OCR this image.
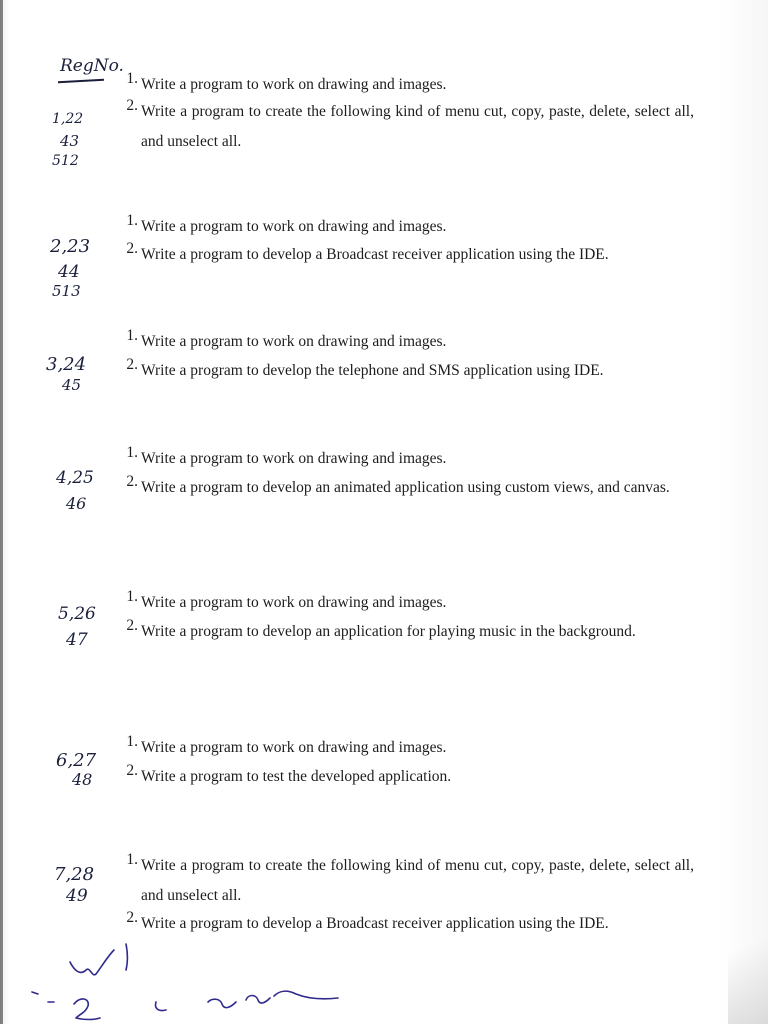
RegNo.
1,22
43
512
1. Write a program to work on drawing and images.
2. Write a program to create the following kind of menu cut, copy, paste, delete, select all, and unselect all.
2,23
44
513
1. Write a program to work on drawing and images.
2. Write a program to develop a Broadcast receiver application using the IDE.
3,24
45
1. Write a program to work on drawing and images.
2. Write a program to develop the telephone and SMS application using IDE.
4,25
46
1. Write a program to work on drawing and images.
2. Write a program to develop an animated application using custom views, and canvas.
5,26
47
1. Write a program to work on drawing and images.
2. Write a program to develop an application for playing music in the background.
6,27
48
1. Write a program to work on drawing and images.
2. Write a program to test the developed application.
7,28
49
1. Write a program to create the following kind of menu cut, copy, paste, delete, select all, and unselect all.
2. Write a program to develop a Broadcast receiver application using the IDE.
